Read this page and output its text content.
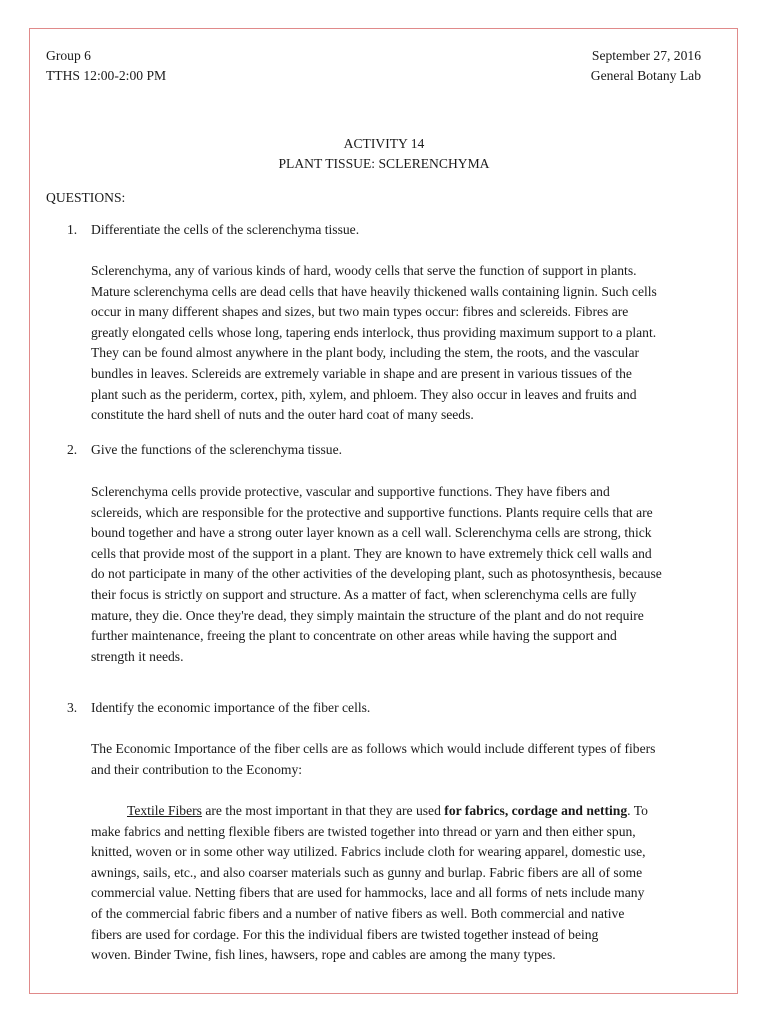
Group 6
TTHS 12:00-2:00 PM
September 27, 2016
General Botany Lab
ACTIVITY 14
PLANT TISSUE: SCLERENCHYMA
QUESTIONS:
1. Differentiate the cells of the sclerenchyma tissue.

Sclerenchyma, any of various kinds of hard, woody cells that serve the function of support in plants.

Mature sclerenchyma cells are dead cells that have heavily thickened walls containing lignin. Such cells

occur in many different shapes and sizes, but two main types occur: fibres and sclereids. Fibres are

greatly elongated cells whose long, tapering ends interlock, thus providing maximum support to a plant.

They can be found almost anywhere in the plant body, including the stem, the roots, and the vascular

bundles in leaves. Sclereids are extremely variable in shape and are present in various tissues of the

plant such as the periderm, cortex, pith, xylem, and phloem. They also occur in leaves and fruits and

constitute the hard shell of nuts and the outer hard coat of many seeds.

2. Give the functions of the sclerenchyma tissue.

Sclerenchyma cells provide protective, vascular and supportive functions. They have fibers and

sclereids, which are responsible for the protective and supportive functions. Plants require cells that are

bound together and have a strong outer layer known as a cell wall. Sclerenchyma cells are strong, thick

cells that provide most of the support in a plant. They are known to have extremely thick cell walls and

do not participate in many of the other activities of the developing plant, such as photosynthesis, because

their focus is strictly on support and structure. As a matter of fact, when sclerenchyma cells are fully

mature, they die. Once they're dead, they simply maintain the structure of the plant and do not require

further maintenance, freeing the plant to concentrate on other areas while having the support and

strength it needs.

3. Identify the economic importance of the fiber cells.

The Economic Importance of the fiber cells are as follows which would include different types of fibers

and their contribution to the Economy:

Textile Fibers are the most important in that they are used for fabrics, cordage and netting. To

make fabrics and netting flexible fibers are twisted together into thread or yarn and then either spun,

knitted, woven or in some other way utilized. Fabrics include cloth for wearing apparel, domestic use,

awnings, sails, etc., and also coarser materials such as gunny and burlap. Fabric fibers are all of some

commercial value. Netting fibers that are used for hammocks, lace and all forms of nets include many

of the commercial fabric fibers and a number of native fibers as well. Both commercial and native

fibers are used for cordage. For this the individual fibers are twisted together instead of being

woven. Binder Twine, fish lines, hawsers, rope and cables are among the many types.
